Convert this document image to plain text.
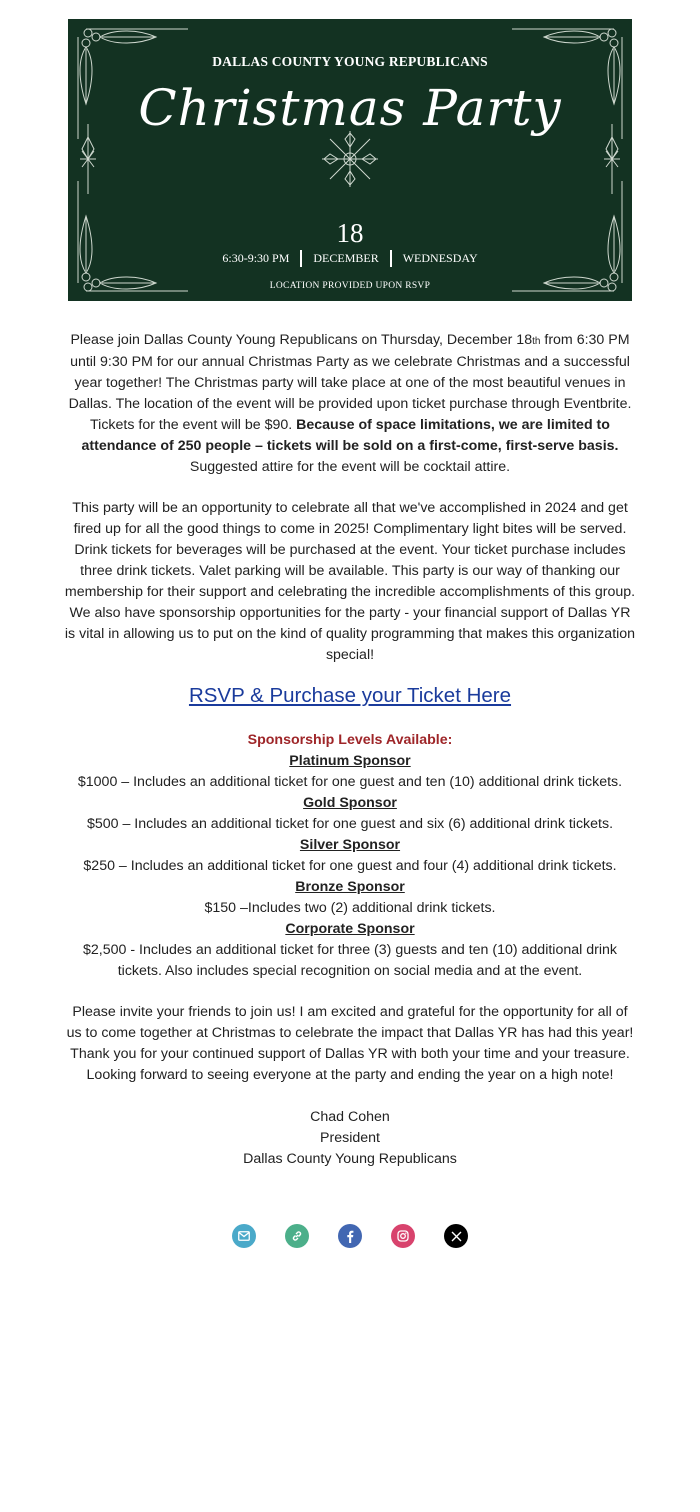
DALLAS COUNTY YOUNG REPUBLICANS
Christmas Party
18
6:30-9:30 PM DECEMBER WEDNESDAY
LOCATION PROVIDED UPON RSVP
Please join Dallas County Young Republicans on Thursday, December 18th from 6:30 PM until 9:30 PM for our annual Christmas Party as we celebrate Christmas and a successful year together! The Christmas party will take place at one of the most beautiful venues in Dallas. The location of the event will be provided upon ticket purchase through Eventbrite. Tickets for the event will be $90. Because of space limitations, we are limited to attendance of 250 people – tickets will be sold on a first-come, first-serve basis. Suggested attire for the event will be cocktail attire.
This party will be an opportunity to celebrate all that we've accomplished in 2024 and get fired up for all the good things to come in 2025! Complimentary light bites will be served. Drink tickets for beverages will be purchased at the event. Your ticket purchase includes three drink tickets. Valet parking will be available. This party is our way of thanking our membership for their support and celebrating the incredible accomplishments of this group. We also have sponsorship opportunities for the party - your financial support of Dallas YR is vital in allowing us to put on the kind of quality programming that makes this organization special!
RSVP & Purchase your Ticket Here
Sponsorship Levels Available:
Platinum Sponsor
$1000 – Includes an additional ticket for one guest and ten (10) additional drink tickets.
Gold Sponsor
$500 – Includes an additional ticket for one guest and six (6) additional drink tickets.
Silver Sponsor
$250 – Includes an additional ticket for one guest and four (4) additional drink tickets.
Bronze Sponsor
$150 –Includes two (2) additional drink tickets.
Corporate Sponsor
$2,500 - Includes an additional ticket for three (3) guests and ten (10) additional drink tickets. Also includes special recognition on social media and at the event.
Please invite your friends to join us! I am excited and grateful for the opportunity for all of us to come together at Christmas to celebrate the impact that Dallas YR has had this year! Thank you for your continued support of Dallas YR with both your time and your treasure. Looking forward to seeing everyone at the party and ending the year on a high note!
Chad Cohen
President
Dallas County Young Republicans
